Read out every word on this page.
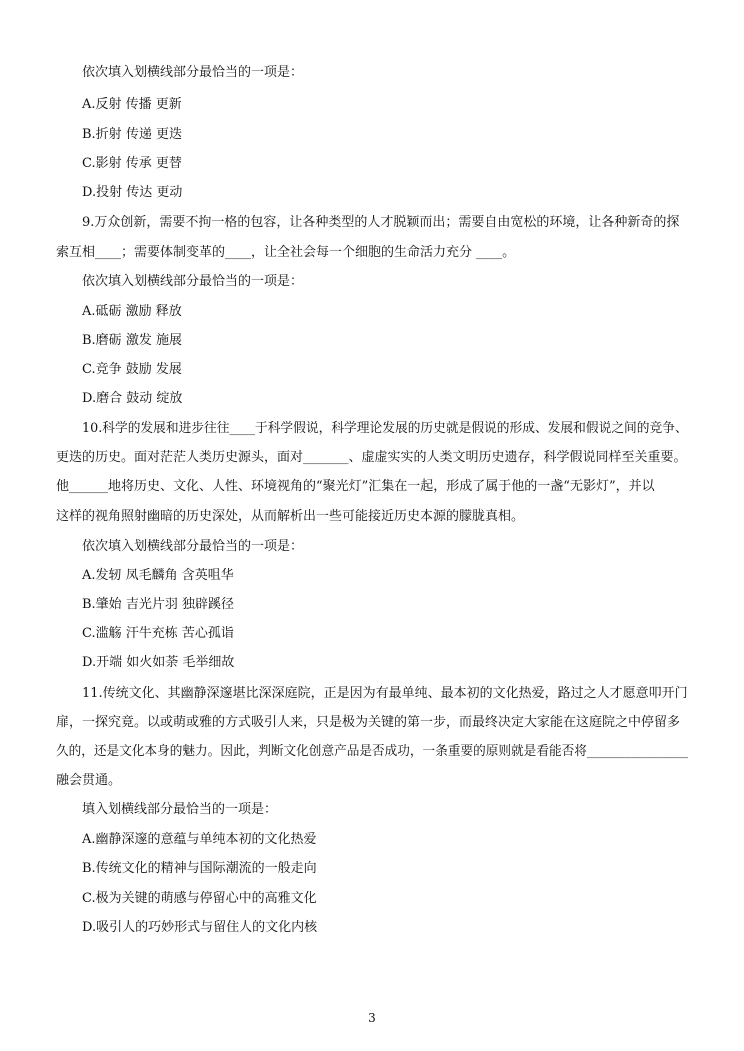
依次填入划横线部分最恰当的一项是：
A.反射 传播 更新
B.折射 传递 更迭
C.影射 传承 更替
D.投射 传达 更动
9.万众创新，需要不拘一格的包容，让各种类型的人才脱颖而出；需要自由宽松的环境，让各种新奇的探
索互相____；需要体制变革的____，让全社会每一个细胞的生命活力充分 ____。
依次填入划横线部分最恰当的一项是：
A.砥砺 激励 释放
B.磨砺 激发 施展
C.竞争 鼓励 发展
D.磨合 鼓动 绽放
10.科学的发展和进步往往____于科学假说，科学理论发展的历史就是假说的形成、发展和假说之间的竞争、
更迭的历史。面对茫茫人类历史源头，面对_______、虚虚实实的人类文明历史遗存，科学假说同样至关重要。
他______地将历史、文化、人性、环境视角的“聚光灯”汇集在一起，形成了属于他的一盏“无影灯”，并以
这样的视角照射幽暗的历史深处，从而解析出一些可能接近历史本源的朦胧真相。
依次填入划横线部分最恰当的一项是：
A.发轫 凤毛麟角 含英咀华
B.肇始 吉光片羽 独辟蹊径
C.滥觞 汗牛充栋 苦心孤诣
D.开端 如火如荼 毛举细故
11.传统文化、其幽静深邃堪比深深庭院，正是因为有最单纯、最本初的文化热爱，路过之人才愿意叩开门
扉，一探究竟。以或萌或雅的方式吸引人来，只是极为关键的第一步，而最终决定大家能在这庭院之中停留多
久的，还是文化本身的魅力。因此，判断文化创意产品是否成功，一条重要的原则就是看能否将________________
融会贯通。
填入划横线部分最恰当的一项是：
A.幽静深邃的意蕴与单纯本初的文化热爱
B.传统文化的精神与国际潮流的一般走向
C.极为关键的萌感与停留心中的高雅文化
D.吸引人的巧妙形式与留住人的文化内核
3
